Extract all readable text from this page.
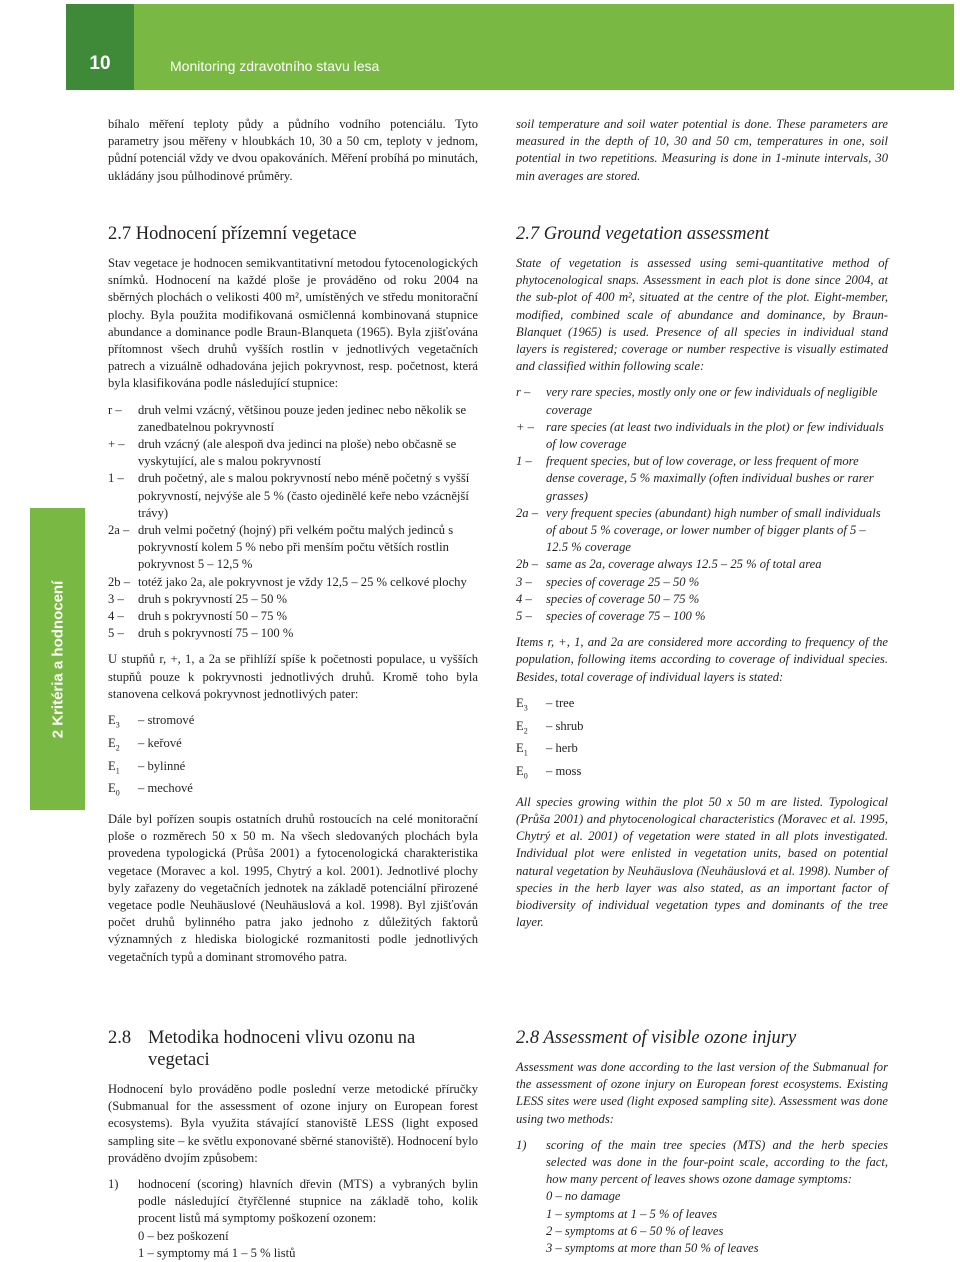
10	Monitoring zdravotního stavu lesa
2 Kritéria a hodnocení

bíhalo měření teploty půdy a půdního vodního potenciálu. Tyto parametry jsou měřeny v hloubkách 10, 30 a 50 cm, teploty v jednom, půdní potenciál vždy ve dvou opakováních. Měření probíhá po minutách, ukládány jsou půlhodinové průměry.

soil temperature and soil water potential is done. These parameters are measured in the depth of 10, 30 and 50 cm, temperatures in one, soil potential in two repetitions. Measuring is done in 1-minute intervals, 30 min averages are stored.

2.7 Hodnocení přízemní vegetace

Stav vegetace je hodnocen semikvantitativní metodou fytocenologických snímků. Hodnocení na každé ploše je prováděno od roku 2004 na sběrných plochách o velikosti 400 m², umístěných ve středu monitorační plochy. Byla použita modifikovaná osmičlenná kombinovaná stupnice abundance a dominance podle Braun-Blanqueta (1965). Byla zjišťována přítomnost všech druhů vyšších rostlin v jednotlivých vegetačních patrech a vizuálně odhadována jejich pokryvnost, resp. početnost, která byla klasifikována podle následující stupnice:

r –	druh velmi vzácný, většinou pouze jeden jedinec nebo několik se zanedbatelnou pokryvností
+ –	druh vzácný (ale alespoň dva jedinci na ploše) nebo občasně se vyskytující, ale s malou pokryvností
1 –	druh početný, ale s malou pokryvností nebo méně početný s vyšší pokryvností, nejvýše ale 5 % (často ojedinělé keře nebo vzácnější trávy)
2a – druh velmi početný (hojný) při velkém počtu malých jedinců s pokryvností kolem 5 % nebo při menším počtu větších rostlin pokryvnost 5 – 12,5 %
2b – totéž jako 2a, ale pokryvnost je vždy 12,5 – 25 % celkové plochy
3 –	druh s pokryvností 25 – 50 %
4 –	druh s pokryvností 50 – 75 %
5 –	druh s pokryvností 75 – 100 %

U stupňů r, +, 1, a 2a se přihlíží spíše k početnosti populace, u vyšších stupňů pouze k pokryvnosti jednotlivých druhů. Kromě toho byla stanovena celková pokryvnost jednotlivých pater:

$E_3$	– stromové
$E_2$	– keřové
$E_1$	– bylinné
$E_0$	– mechové

Dále byl pořízen soupis ostatních druhů rostoucích na celé monitorační ploše o rozměrech 50 x 50 m. Na všech sledovaných plochách byla provedena typologická (Průša 2001) a fytocenologická charakteristika vegetace (Moravec a kol. 1995, Chytrý a kol. 2001). Jednotlivé plochy byly zařazeny do vegetačních jednotek na základě potenciální přirozené vegetace podle Neuhäuslové (Neuhäuslová a kol. 1998). Byl zjišťován počet druhů bylinného patra jako jednoho z důležitých faktorů významných z hlediska biologické rozmanitosti podle jednotlivých vegetačních typů a dominant stromového patra.

2.7 Ground vegetation assessment

State of vegetation is assessed using semi-quantitative method of phytocenological snaps. Assessment in each plot is done since 2004, at the sub-plot of 400 m², situated at the centre of the plot. Eight-member, modified, combined scale of abundance and dominance, by Braun-Blanquet (1965) is used. Presence of all species in individual stand layers is registered; coverage or number respective is visually estimated and classified within following scale:

r –	very rare species, mostly only one or few individuals of negligible coverage
+ – rare species (at least two individuals in the plot) or few individuals of low coverage
1 –	frequent species, but of low coverage, or less frequent of more dense coverage, 5 % maximally (often individual bushes or rarer grasses)
2a – very frequent species (abundant) high number of small individuals of about 5 % coverage, or lower number of bigger plants of 5 – 12.5 % coverage
2b – same as 2a, coverage always 12.5 – 25 % of total area
3 –	species of coverage 25 – 50 %
4 –	species of coverage 50 – 75 %
5 –	species of coverage 75 – 100 %

Items r, +, 1, and 2a are considered more according to frequency of the population, following items according to coverage of individual species. Besides, total coverage of individual layers is stated:

$E_3$	– tree
$E_2$	– shrub
$E_1$	– herb
$E_0$	– moss

All species growing within the plot 50 x 50 m are listed. Typological (Průša 2001) and phytocenological characteristics (Moravec et al. 1995, Chytrý et al. 2001) of vegetation were stated in all plots investigated. Individual plot were enlisted in vegetation units, based on potential natural vegetation by Neuhäuslova (Neuhäuslová et al. 1998). Number of species in the herb layer was also stated, as an important factor of biodiversity of individual vegetation types and dominants of the tree layer.

2.8 Metodika hodnoceni vlivu ozonu na vegetaci

Hodnocení bylo prováděno podle poslední verze metodické příručky (Submanual for the assessment of ozone injury on European forest ecosystems). Byla využita stávající stanoviště LESS (light exposed sampling site – ke světlu exponované sběrné stanoviště). Hodnocení bylo prováděno dvojím způsobem:

1)	hodnocení (scoring) hlavních dřevin (MTS) a vybraných bylin podle následující čtyřčlenné stupnice na základě toho, kolik procent listů má symptomy poškození ozonem:
0 – bez poškození
1 – symptomy má 1 – 5 % listů
2.8 Assessment of visible ozone injury

Assessment was done according to the last version of the Submanual for the assessment of ozone injury on European forest ecosystems. Existing LESS sites were used (light exposed sampling site). Assessment was done using two methods:

1)	scoring of the main tree species (MTS) and the herb species selected was done in the four-point scale, according to the fact, how many percent of leaves shows ozone damage symptoms:
0 – no damage
1 – symptoms at 1 – 5 % of leaves
2 – symptoms at 6 – 50 % of leaves
3 – symptoms at more than 50 % of leaves
